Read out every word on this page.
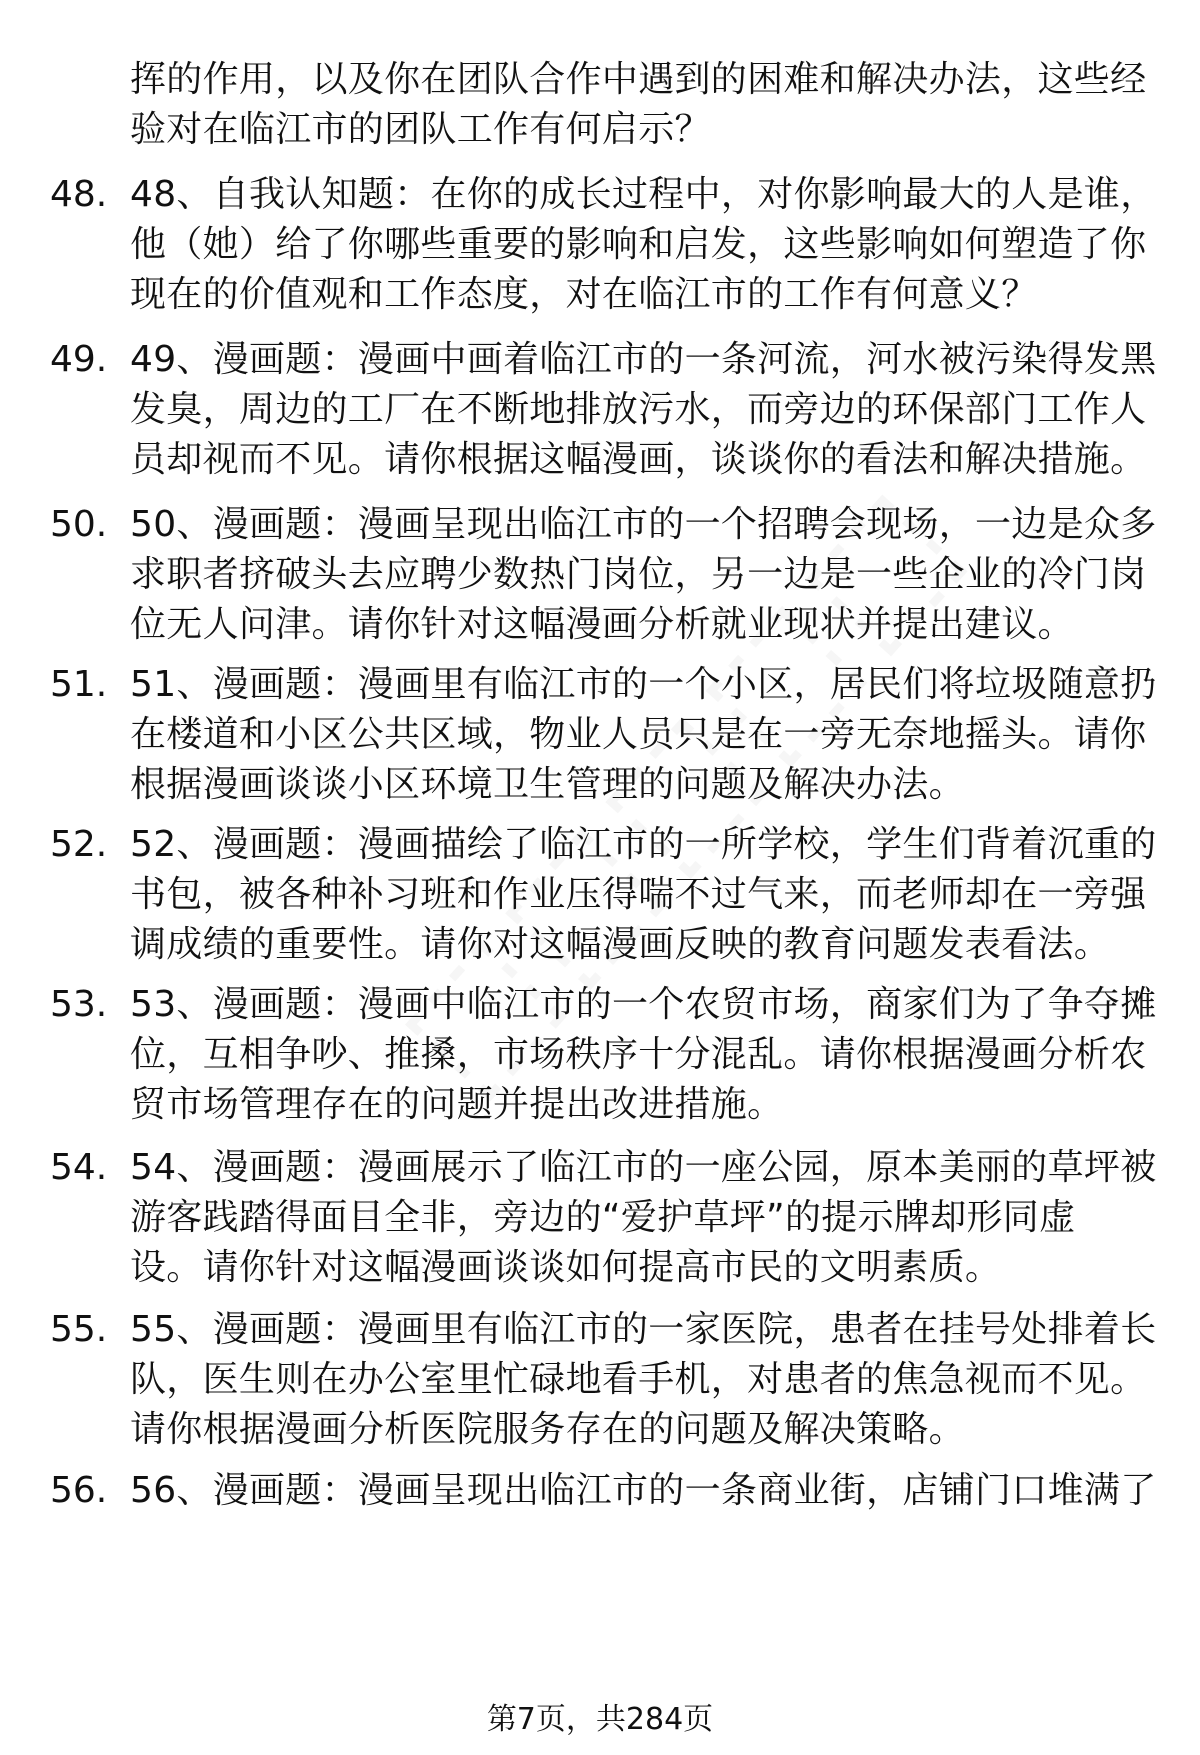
挥的作用，以及你在团队合作中遇到的困难和解决办法，这些经
验对在临江市的团队工作有何启示？
48. 48、自我认知题：在你的成长过程中，对你影响最大的人是谁，
他（她）给了你哪些重要的影响和启发，这些影响如何塑造了你
现在的价值观和工作态度，对在临江市的工作有何意义？
49. 49、漫画题：漫画中画着临江市的一条河流，河水被污染得发黑
发臭，周边的工厂在不断地排放污水，而旁边的环保部门工作人
员却视而不见。请你根据这幅漫画，谈谈你的看法和解决措施。
50. 50、漫画题：漫画呈现出临江市的一个招聘会现场，一边是众多
求职者挤破头去应聘少数热门岗位，另一边是一些企业的冷门岗
位无人问津。请你针对这幅漫画分析就业现状并提出建议。
51. 51、漫画题：漫画里有临江市的一个小区，居民们将垃圾随意扔
在楼道和小区公共区域，物业人员只是在一旁无奈地摇头。请你
根据漫画谈谈小区环境卫生管理的问题及解决办法。
52. 52、漫画题：漫画描绘了临江市的一所学校，学生们背着沉重的
书包，被各种补习班和作业压得喘不过气来，而老师却在一旁强
调成绩的重要性。请你对这幅漫画反映的教育问题发表看法。
53. 53、漫画题：漫画中临江市的一个农贸市场，商家们为了争夺摊
位，互相争吵、推搡，市场秩序十分混乱。请你根据漫画分析农
贸市场管理存在的问题并提出改进措施。
54. 54、漫画题：漫画展示了临江市的一座公园，原本美丽的草坪被
游客践踏得面目全非，旁边的“爱护草坪”的提示牌却形同虚
设。请你针对这幅漫画谈谈如何提高市民的文明素质。
55. 55、漫画题：漫画里有临江市的一家医院，患者在挂号处排着长
队，医生则在办公室里忙碌地看手机，对患者的焦急视而不见。
请你根据漫画分析医院服务存在的问题及解决策略。
56. 56、漫画题：漫画呈现出临江市的一条商业街，店铺门口堆满了
第7页，共284页
